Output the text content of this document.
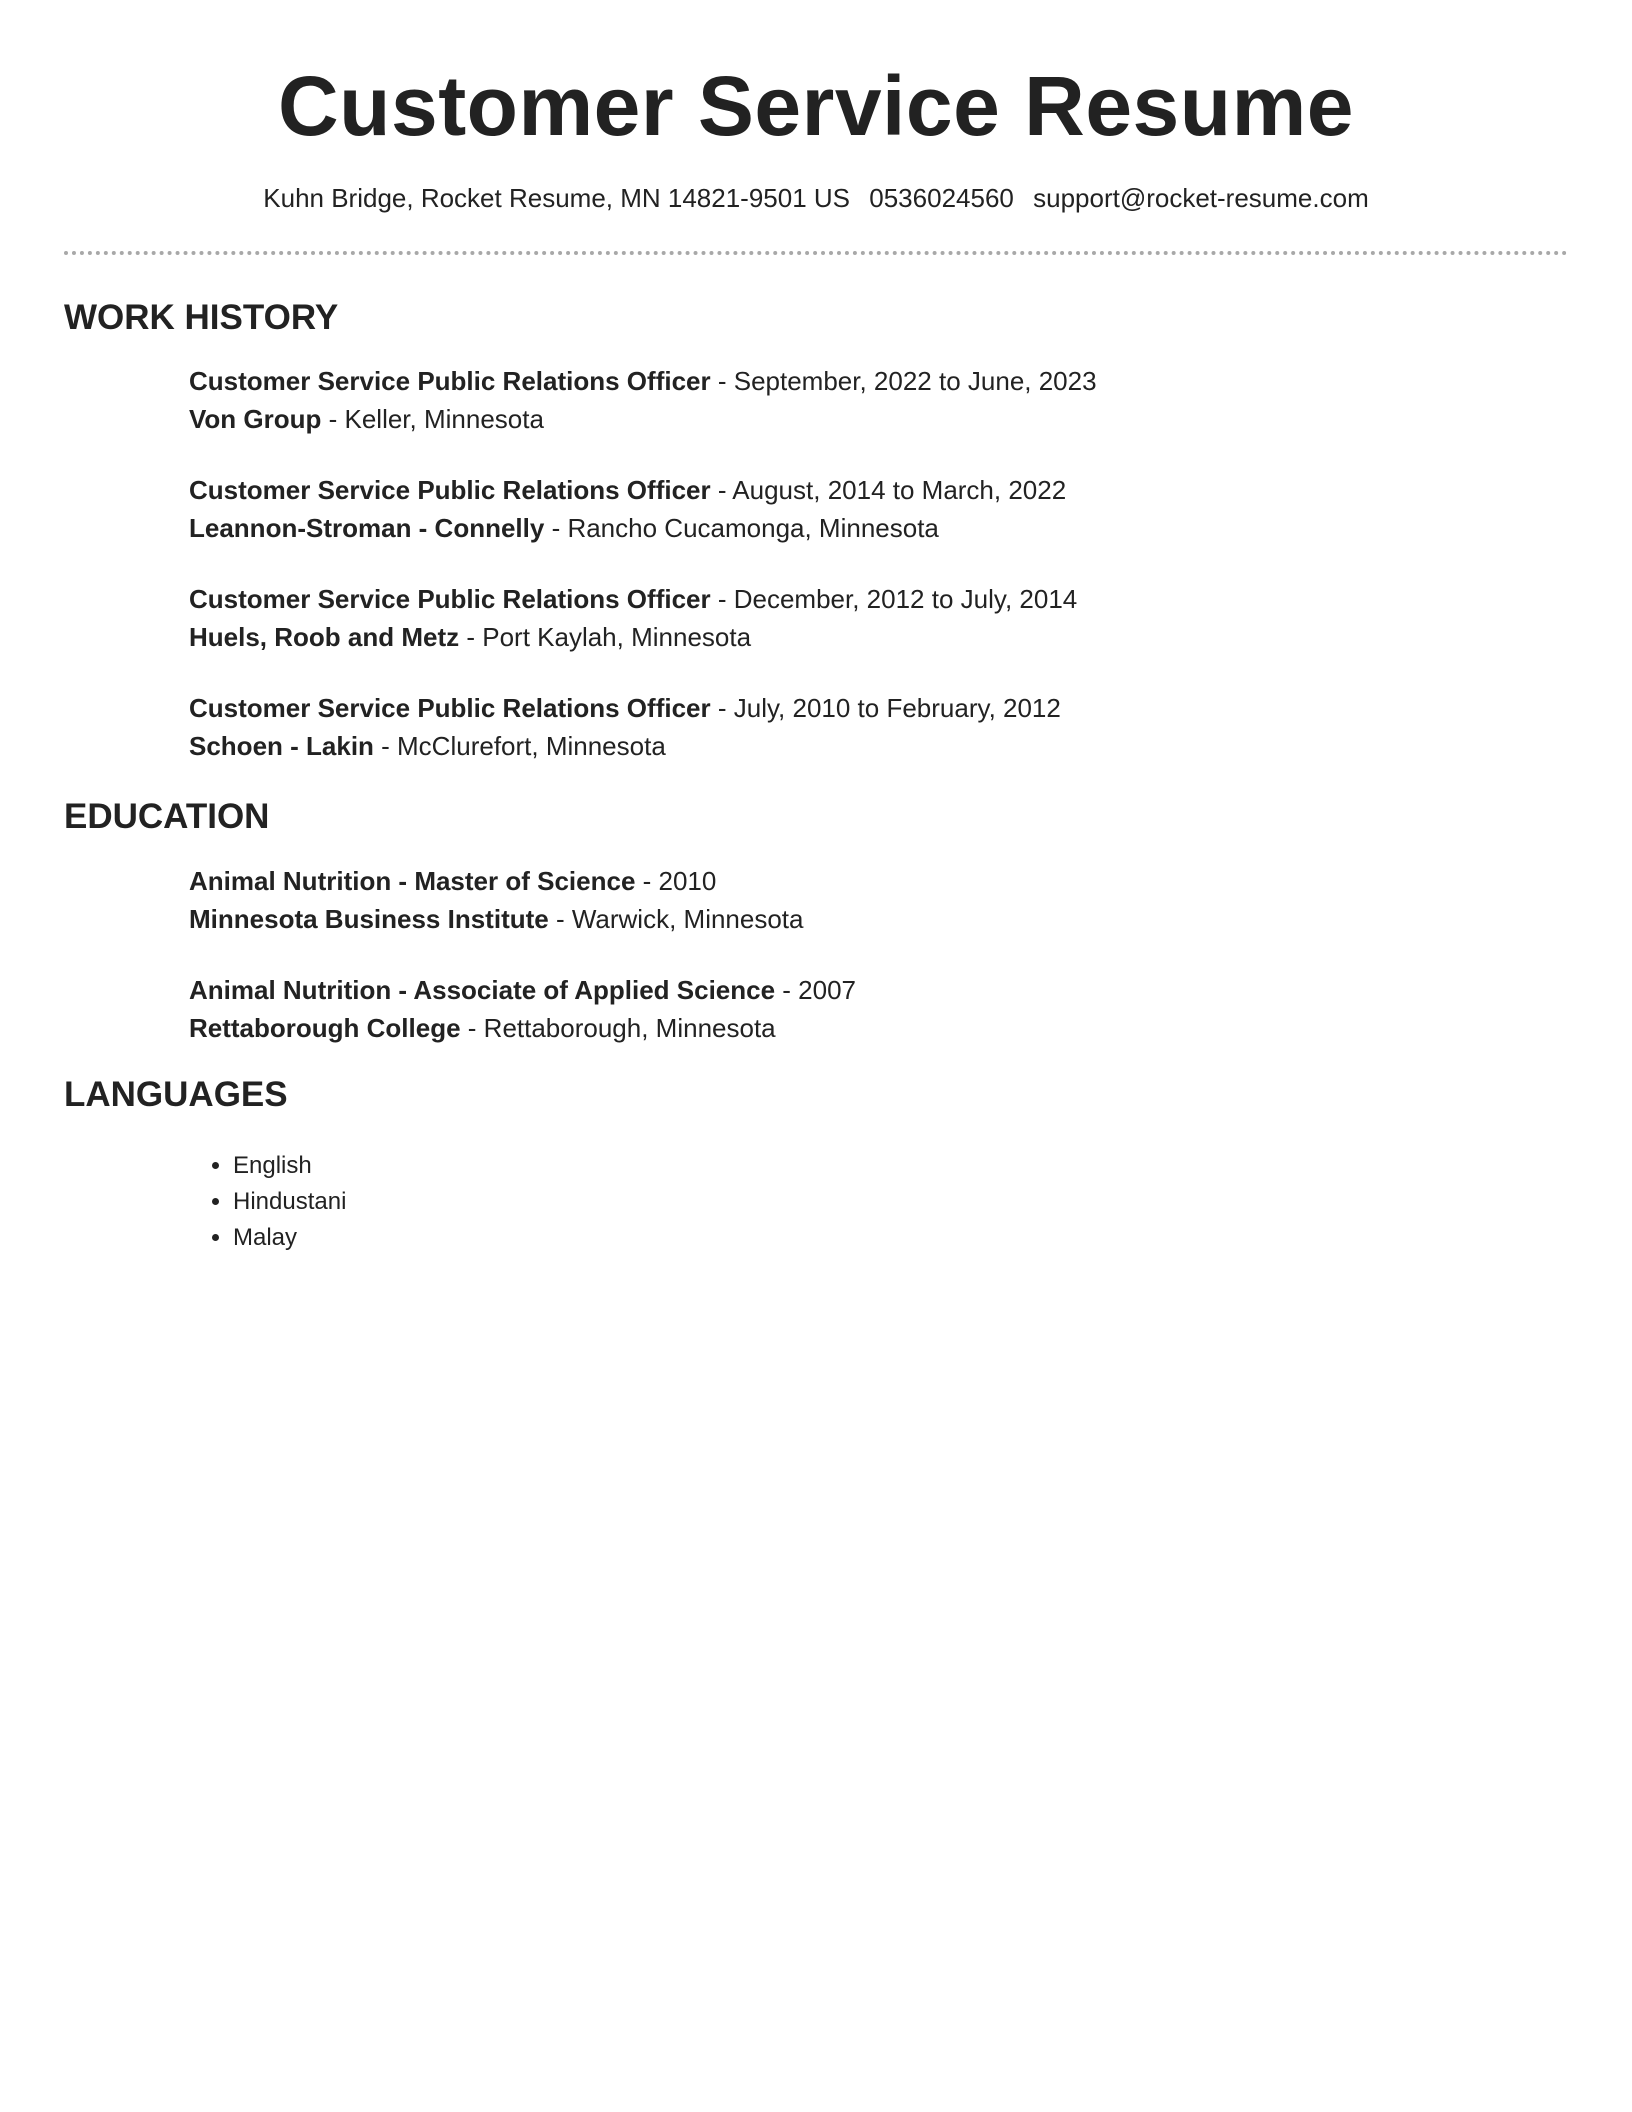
Customer Service Resume
Kuhn Bridge, Rocket Resume, MN 14821-9501 US 0536024560 support@rocket-resume.com
WORK HISTORY
Customer Service Public Relations Officer - September, 2022 to June, 2023
Von Group - Keller, Minnesota
Customer Service Public Relations Officer - August, 2014 to March, 2022
Leannon-Stroman - Connelly - Rancho Cucamonga, Minnesota
Customer Service Public Relations Officer - December, 2012 to July, 2014
Huels, Roob and Metz - Port Kaylah, Minnesota
Customer Service Public Relations Officer - July, 2010 to February, 2012
Schoen - Lakin - McClurefort, Minnesota
EDUCATION
Animal Nutrition - Master of Science - 2010
Minnesota Business Institute - Warwick, Minnesota
Animal Nutrition - Associate of Applied Science - 2007
Rettaborough College - Rettaborough, Minnesota
LANGUAGES
• English
• Hindustani
• Malay
